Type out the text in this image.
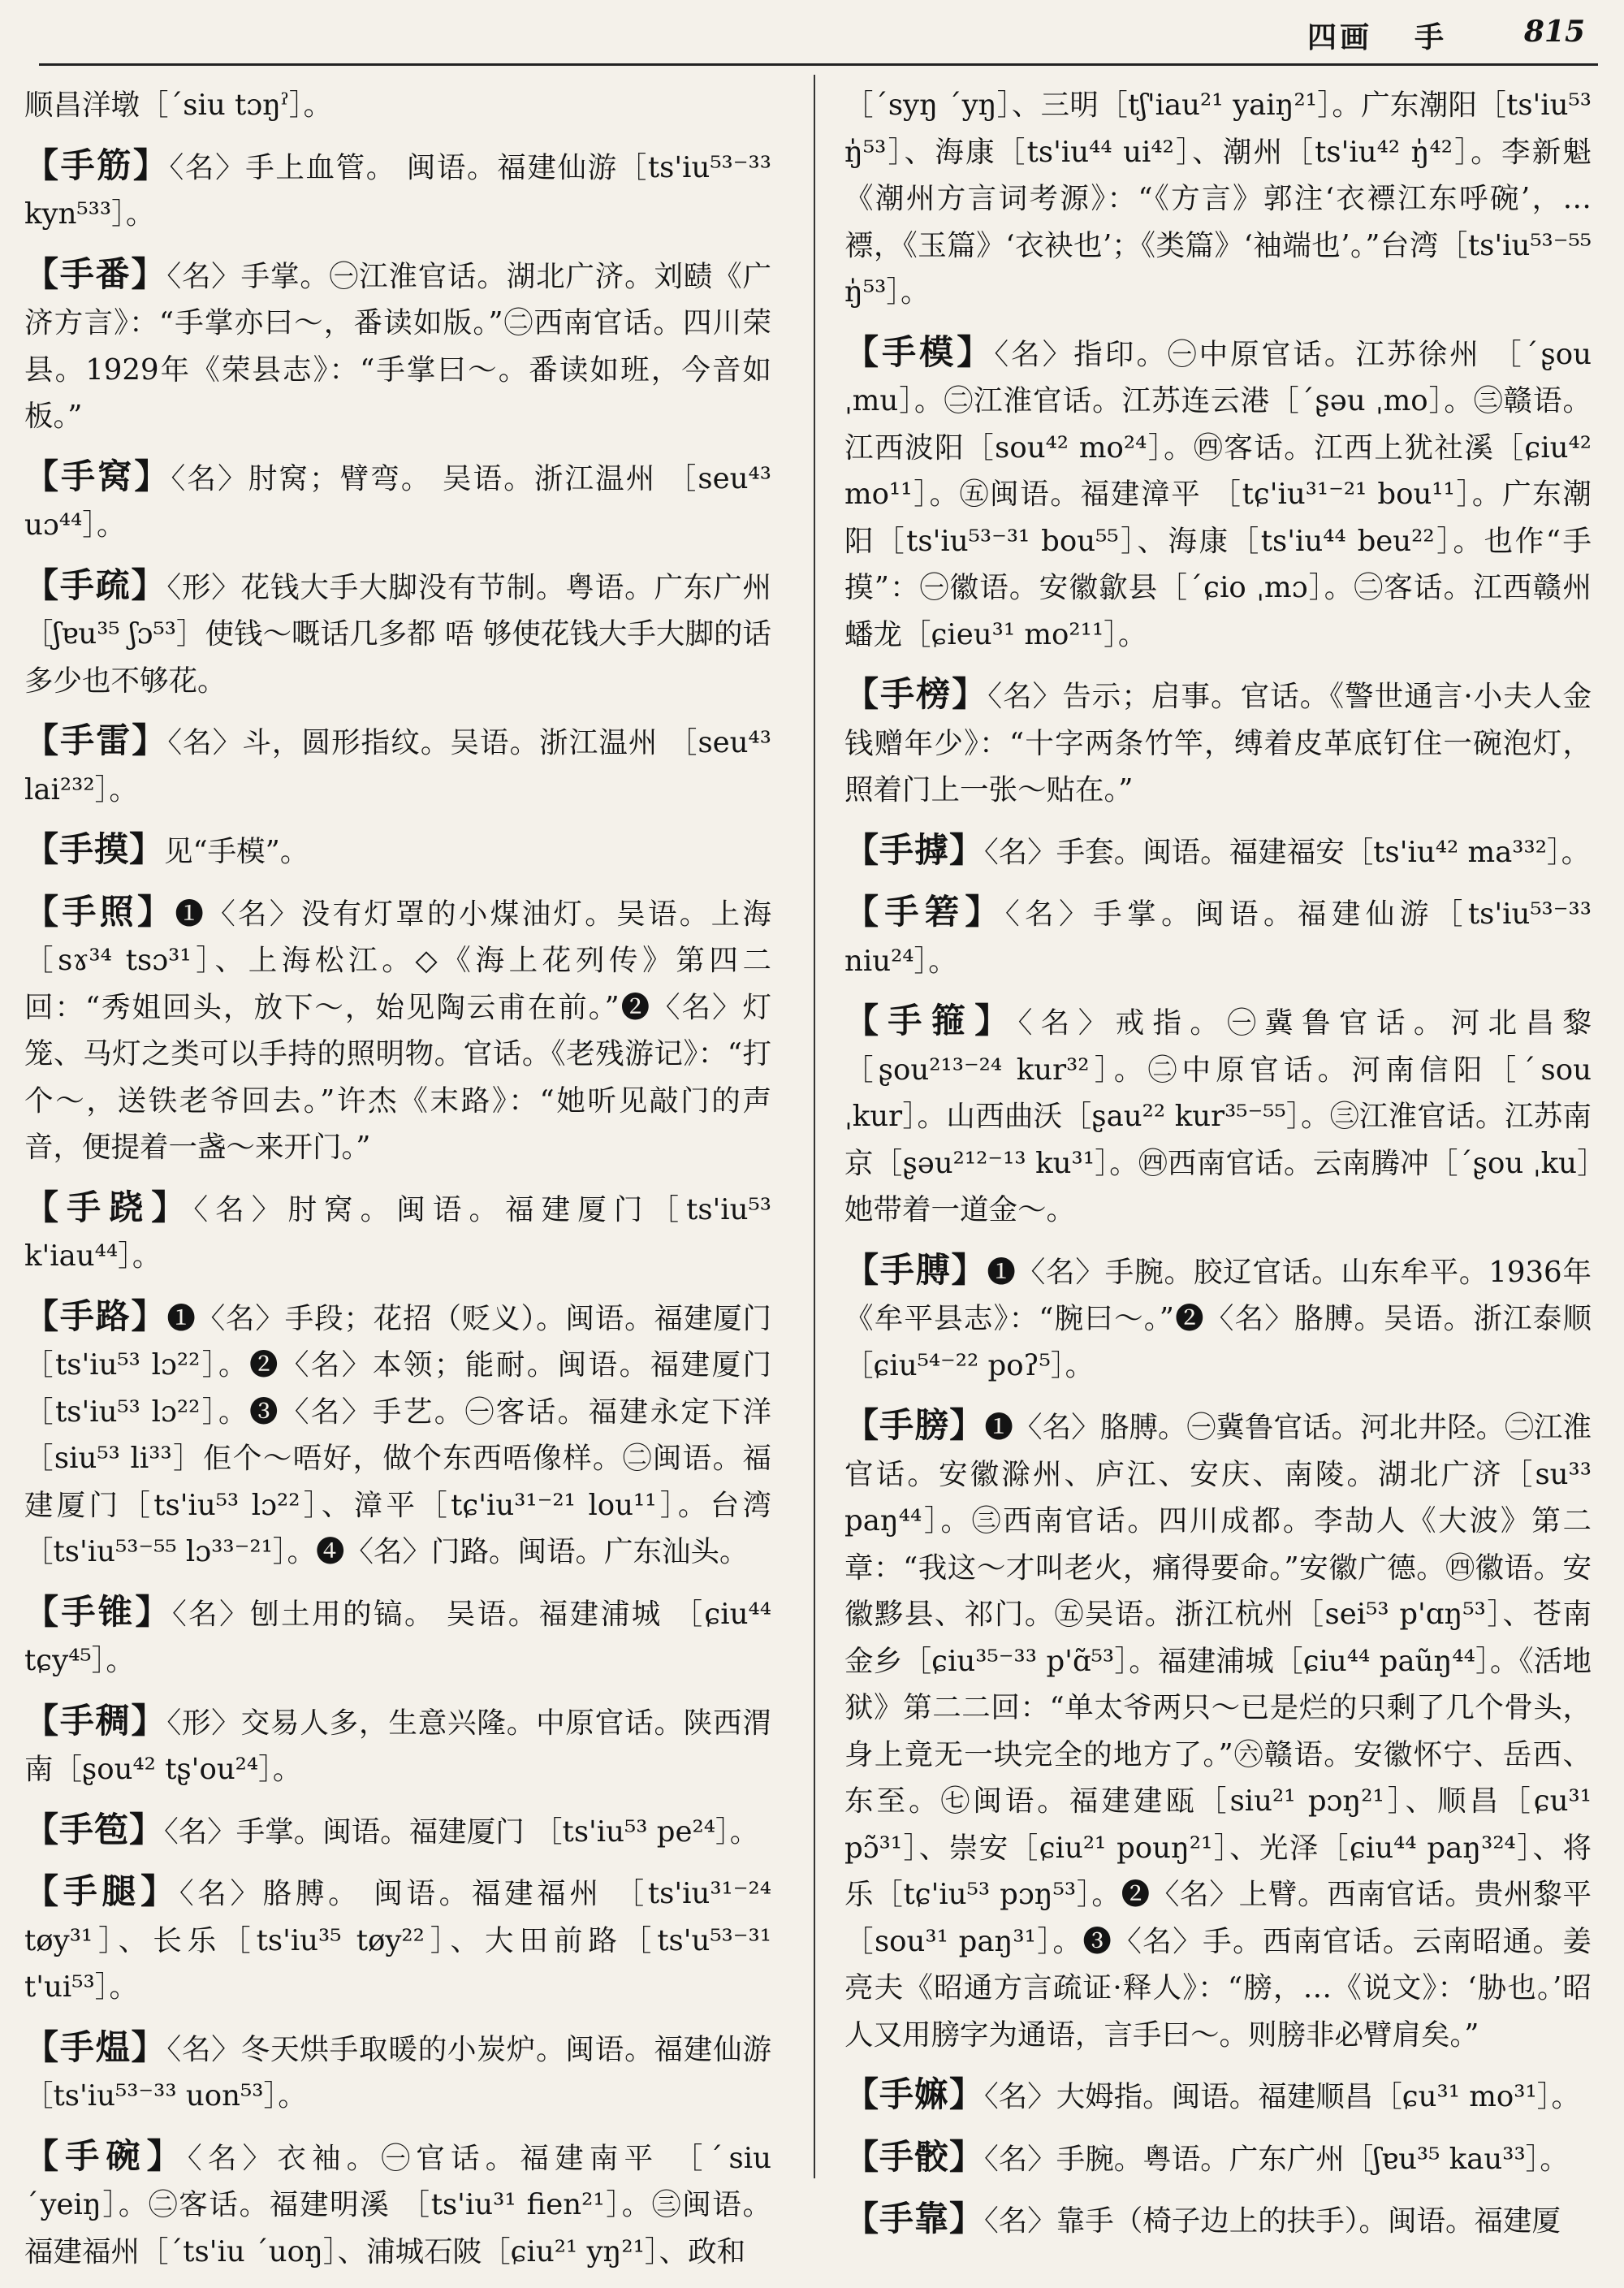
四画 手	815

顺昌洋墩［ˊsiu tɔŋˀ］。

【手筋】〈名〉手上血管。 闽语。福建仙游［ts'iu⁵³⁻³³ kyn⁵³³］。

【手番】〈名〉手掌。㊀江淮官话。湖北广济。刘赜《广济方言》：“手掌亦曰～，番读如版。”㊁西南官话。四川荣县。1929年《荣县志》：“手掌曰～。番读如班，今音如板。”

【手窝】〈名〉肘窝；臂弯。 吴语。浙江温州 ［seu⁴³ uɔ⁴⁴］。

【手疏】〈形〉花钱大手大脚没有节制。粤语。广东广州［ʃɐu³⁵ ʃɔ⁵³］使钱～嘅话几多都 唔 够使花钱大手大脚的话多少也不够花。

【手雷】〈名〉斗，圆形指纹。吴语。浙江温州 ［seu⁴³ lai²³²］。

【手摸】见“手模”。

【手照】❶〈名〉没有灯罩的小煤油灯。吴语。上海［sɤ³⁴ tsɔ³¹］、上海松江。◇《海上花列传》第四二回：“秀姐回头，放下～，始见陶云甫在前。”❷〈名〉灯笼、马灯之类可以手持的照明物。官话。《老残游记》：“打个～，送铁老爷回去。”许杰《末路》：“她听见敲门的声音，便提着一盏～来开门。”

【手跷】〈名〉肘窝。闽语。福建厦门［ts'iu⁵³ k'iau⁴⁴］。

【手路】❶〈名〉手段；花招（贬义）。闽语。福建厦门［ts'iu⁵³ lɔ²²］。❷〈名〉本领；能耐。闽语。福建厦门［ts'iu⁵³ lɔ²²］。❸〈名〉手艺。㊀客话。福建永定下洋［siu⁵³ li³³］佢个～唔好，做个东西唔像样。㊁闽语。福建厦门［ts'iu⁵³ lɔ²²］、漳平［tɕ'iu³¹⁻²¹ lou¹¹］。台湾［ts'iu⁵³⁻⁵⁵ lɔ³³⁻²¹］。❹〈名〉门路。闽语。广东汕头。

【手锥】〈名〉刨土用的镐。 吴语。福建浦城 ［ɕiu⁴⁴ tɕy⁴⁵］。

【手稠】〈形〉交易人多，生意兴隆。中原官话。陕西渭南［ʂou⁴² tʂ'ou²⁴］。

【手笣】〈名〉手掌。闽语。福建厦门 ［ts'iu⁵³ pe²⁴］。

【手腿】〈名〉胳膊。 闽语。福建福州 ［ts'iu³¹⁻²⁴ tøy³¹］、长乐［ts'iu³⁵ tøy²²］、大田前路［ts'u⁵³⁻³¹ t'ui⁵³］。

【手煴】〈名〉冬天烘手取暖的小炭炉。闽语。福建仙游［ts'iu⁵³⁻³³ uon⁵³］。

【手碗】〈名〉衣袖。㊀官话。福建南平 ［ˊsiu ˊyeiŋ］。㊁客话。福建明溪 ［ts'iu³¹ fien²¹］。㊂闽语。福建福州［ˊts'iu ˊuoŋ］、浦城石陂［ɕiu²¹ yŋ²¹］、政和

［ˊsyŋ ˊyŋ］、三明［tʃ'iau²¹ yaiŋ²¹］。广东潮阳［ts'iu⁵³ ŋ̍⁵³］、海康［ts'iu⁴⁴ ui⁴²］、潮州［ts'iu⁴² ŋ̍⁴²］。李新魁《潮州方言词考源》：“《方言》郭注‘衣褾江东呼碗’，…褾，《玉篇》‘衣袂也’；《类篇》‘袖端也’。”台湾［ts'iu⁵³⁻⁵⁵ ŋ̍⁵³］。

【手模】〈名〉指印。㊀中原官话。江苏徐州 ［ˊʂou ˌmu］。㊁江淮官话。江苏连云港［ˊʂəu ˌmo］。㊂赣语。江西波阳［sou⁴² mo²⁴］。㊃客话。江西上犹社溪［ɕiu⁴² mo¹¹］。㊄闽语。福建漳平 ［tɕ'iu³¹⁻²¹ bou¹¹］。广东潮阳［ts'iu⁵³⁻³¹ bou⁵⁵］、海康［ts'iu⁴⁴ beu²²］。也作“手摸”：㊀徽语。安徽歙县［ˊɕio ˌmɔ］。㊁客话。江西赣州蟠龙［ɕieu³¹ mo²¹¹］。

【手榜】〈名〉告示；启事。官话。《警世通言·小夫人金钱赠年少》：“十字两条竹竿，缚着皮革底钉住一碗泡灯，照着门上一张～贴在。”

【手摢】〈名〉手套。闽语。福建福安［ts'iu⁴² ma³³²］。

【手箬】〈名〉手掌。闽语。福建仙游［ts'iu⁵³⁻³³ niu²⁴］。

【手箍】〈名〉戒指。㊀冀鲁官话。河北昌黎 ［ʂou²¹³⁻²⁴ kur³²］。㊁中原官话。河南信阳［ˊsou ˌkur］。山西曲沃［ʂau²² kur³⁵⁻⁵⁵］。㊂江淮官话。江苏南京［ʂəu²¹²⁻¹³ ku³¹］。㊃西南官话。云南腾冲［ˊʂou ˌku］她带着一道金～。

【手膊】❶〈名〉手腕。胶辽官话。山东牟平。1936年《牟平县志》：“腕曰～。”❷〈名〉胳膊。吴语。浙江泰顺［ɕiu⁵⁴⁻²² poʔ⁵］。

【手膀】❶〈名〉胳膊。㊀冀鲁官话。河北井陉。㊁江淮官话。安徽滁州、庐江、安庆、南陵。湖北广济［su³³ paŋ⁴⁴］。㊂西南官话。四川成都。李劼人《大波》第二章：“我这～才叫老火，痛得要命。”安徽广德。㊃徽语。安徽黟县、祁门。㊄吴语。浙江杭州［sei⁵³ p'ɑŋ⁵³］、苍南金乡［ɕiu³⁵⁻³³ p'ɑ̃⁵³］。福建浦城［ɕiu⁴⁴ paũŋ⁴⁴］。《活地狱》第二二回：“单太爷两只～已是烂的只剩了几个骨头，身上竟无一块完全的地方了。”㊅赣语。安徽怀宁、岳西、东至。㊆闽语。福建建瓯［siu²¹ pɔŋ²¹］、顺昌［ɕu³¹ pɔ̃³¹］、崇安［ɕiu²¹ pouŋ²¹］、光泽［ɕiu⁴⁴ paŋ³²⁴］、将乐［tɕ'iu⁵³ pɔŋ⁵³］。❷〈名〉上臂。西南官话。贵州黎平［sou³¹ paŋ³¹］。❸〈名〉手。西南官话。云南昭通。姜亮夫《昭通方言疏证·释人》：“膀，…《说文》：‘胁也。’昭人又用膀字为通语，言手曰～。则膀非必臂肩矣。”

【手嫲】〈名〉大姆指。闽语。福建顺昌［ɕu³¹ mo³¹］。

【手骹】〈名〉手腕。粤语。广东广州［ʃɐu³⁵ kau³³］。

【手靠】〈名〉靠手（椅子边上的扶手）。闽语。福建厦
